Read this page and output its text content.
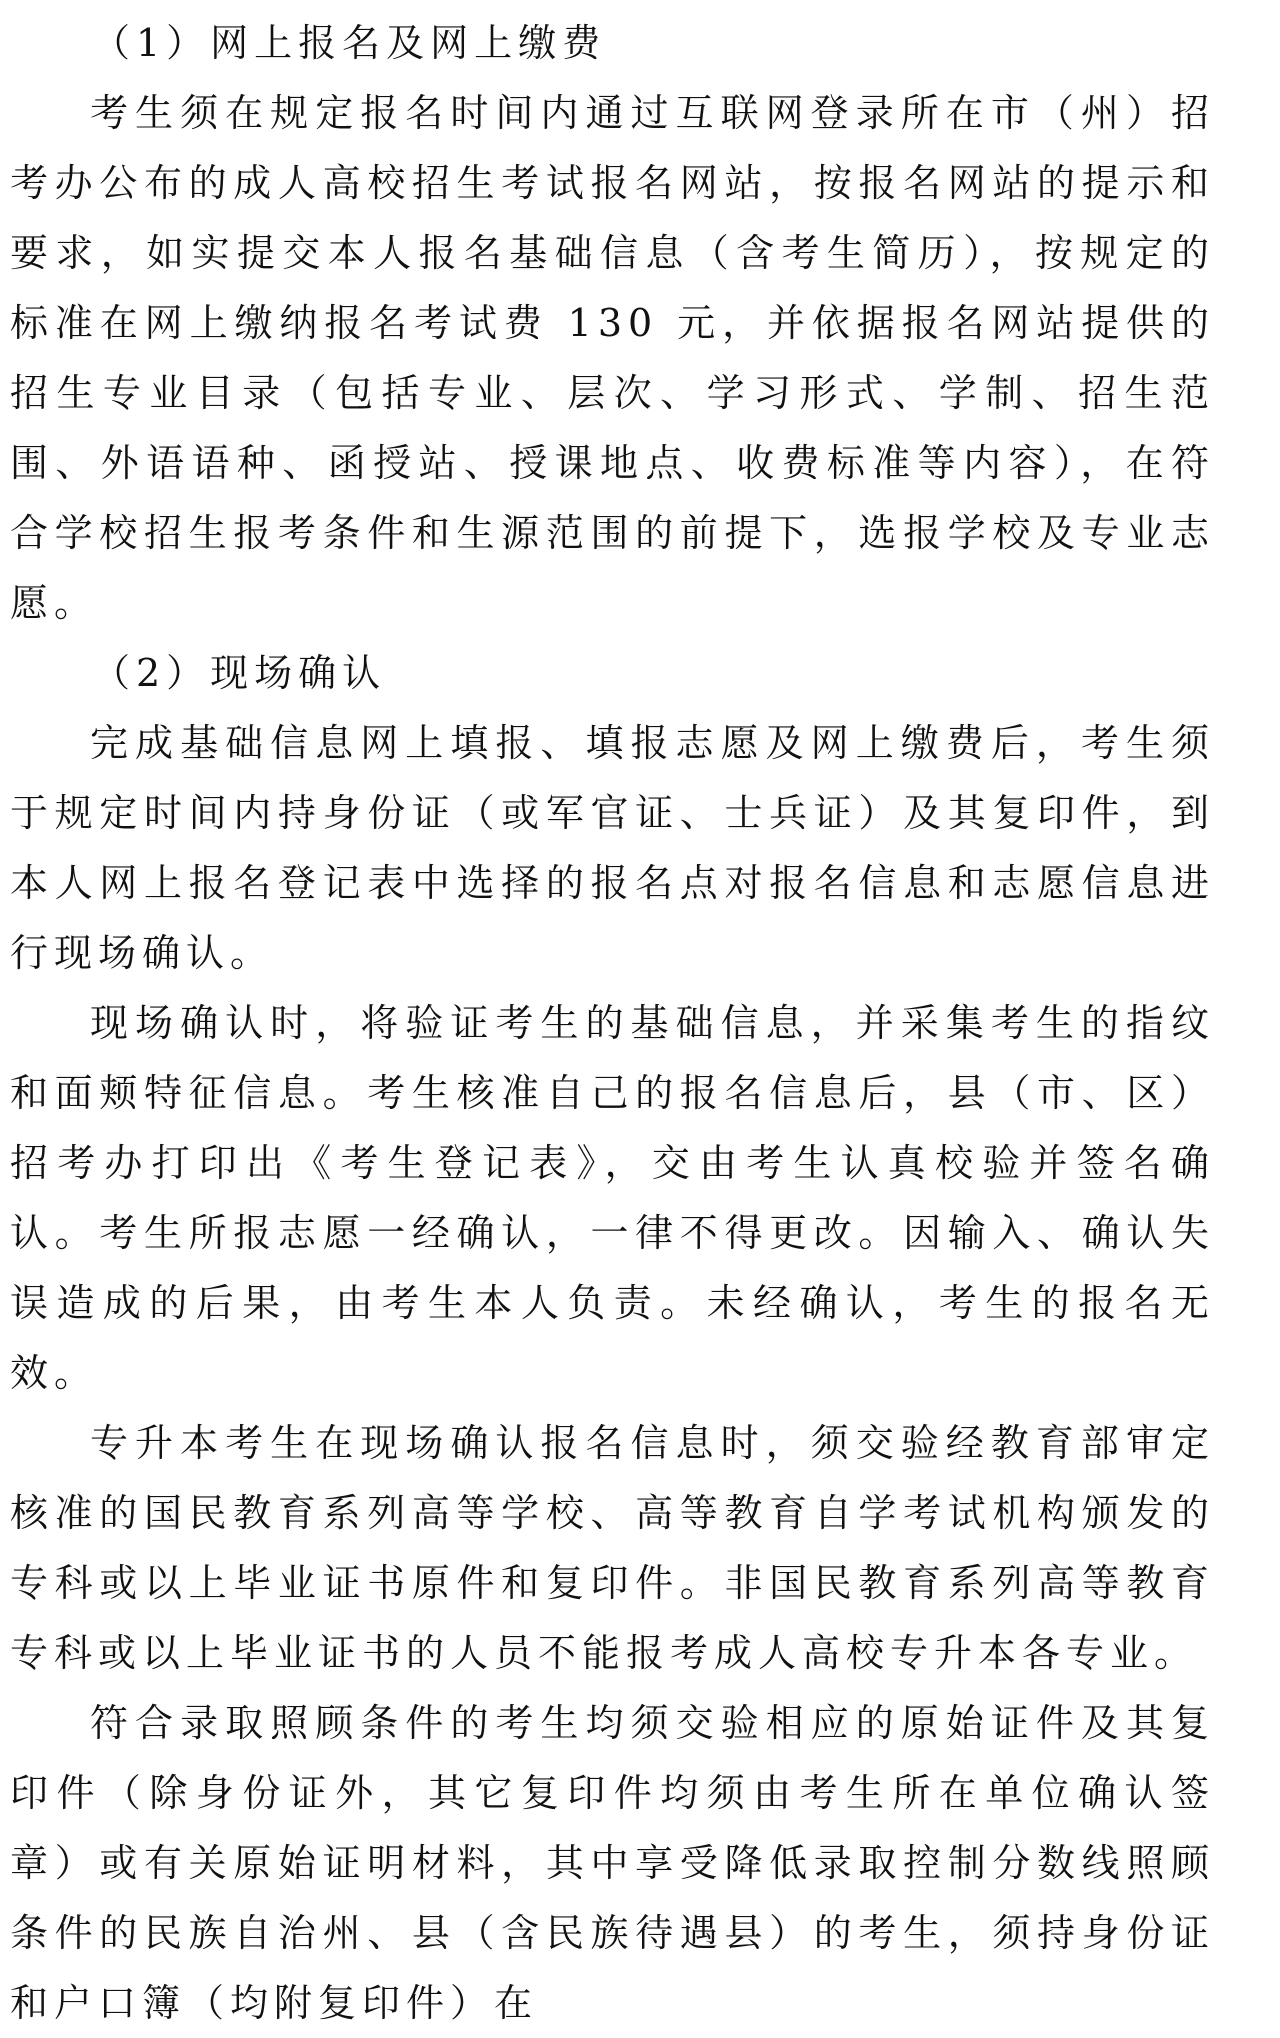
（1）网上报名及网上缴费

考生须在规定报名时间内通过互联网登录所在市（州）招考办公布的成人高校招生考试报名网站，按报名网站的提示和要求，如实提交本人报名基础信息（含考生简历），按规定的标准在网上缴纳报名考试费 130 元，并依据报名网站提供的招生专业目录（包括专业、层次、学习形式、学制、招生范围、外语语种、函授站、授课地点、收费标准等内容），在符合学校招生报考条件和生源范围的前提下，选报学校及专业志愿。

（2）现场确认

完成基础信息网上填报、填报志愿及网上缴费后，考生须于规定时间内持身份证（或军官证、士兵证）及其复印件，到本人网上报名登记表中选择的报名点对报名信息和志愿信息进行现场确认。

现场确认时，将验证考生的基础信息，并采集考生的指纹和面颊特征信息。考生核准自己的报名信息后，县（市、区）招考办打印出《考生登记表》，交由考生认真校验并签名确认。考生所报志愿一经确认，一律不得更改。因输入、确认失误造成的后果，由考生本人负责。未经确认，考生的报名无效。

专升本考生在现场确认报名信息时，须交验经教育部审定核准的国民教育系列高等学校、高等教育自学考试机构颁发的专科或以上毕业证书原件和复印件。非国民教育系列高等教育专科或以上毕业证书的人员不能报考成人高校专升本各专业。

符合录取照顾条件的考生均须交验相应的原始证件及其复印件（除身份证外，其它复印件均须由考生所在单位确认签章）或有关原始证明材料，其中享受降低录取控制分数线照顾条件的民族自治州、县（含民族待遇县）的考生，须持身份证和户口簿（均附复印件）在
